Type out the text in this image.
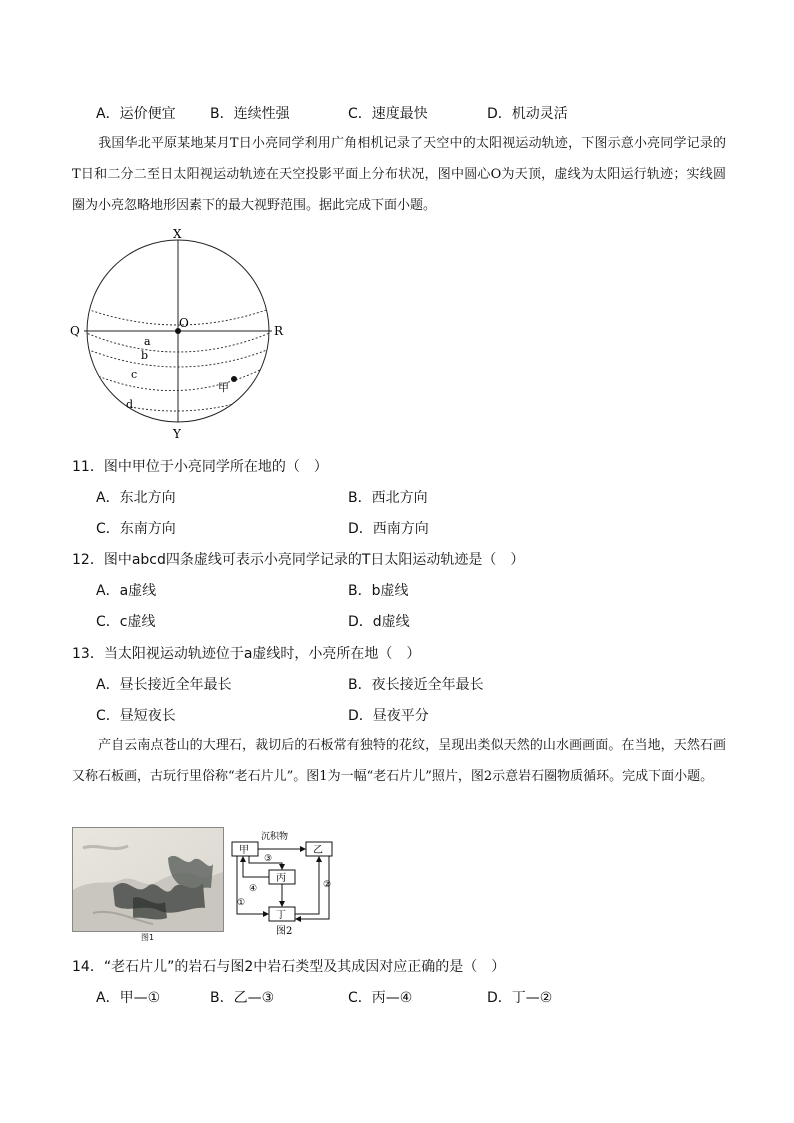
A．运价便宜 B．连续性强	C．速度最快	D．机动灵活
我国华北平原某地某月T日小亮同学利用广角相机记录了天空中的太阳视运动轨迹，下图示意小亮同学记录的T日和二分二至日太阳视运动轨迹在天空投影平面上分布状况，图中圆心O为天顶，虚线为太阳运行轨迹；实线圆圈为小亮忽略地形因素下的最大视野范围。据此完成下面小题。
X
Y
Q	R
O
a
b
c
d
甲
11．图中甲位于小亮同学所在地的（　）
A．东北方向	B．西北方向
C．东南方向	D．西南方向
12．图中abcd四条虚线可表示小亮同学记录的T日太阳运动轨迹是（　）
A．a虚线	B．b虚线
C．c虚线	D．d虚线
13．当太阳视运动轨迹位于a虚线时，小亮所在地（　）
A．昼长接近全年最长	B．夜长接近全年最长
C．昼短夜长	D．昼夜平分
产自云南点苍山的大理石，裁切后的石板常有独特的花纹，呈现出类似天然的山水画画面。在当地，天然石画又称石板画，古玩行里俗称“老石片儿”。图1为一幅“老石片儿”照片，图2示意岩石圈物质循环。完成下面小题。
图1
甲	乙
丙
丁
沉积物
③
④
①
②
图2
14．“老石片儿”的岩石与图2中岩石类型及其成因对应正确的是（　）
A．甲—①	B．乙—③	C．丙—④	D．丁—②
